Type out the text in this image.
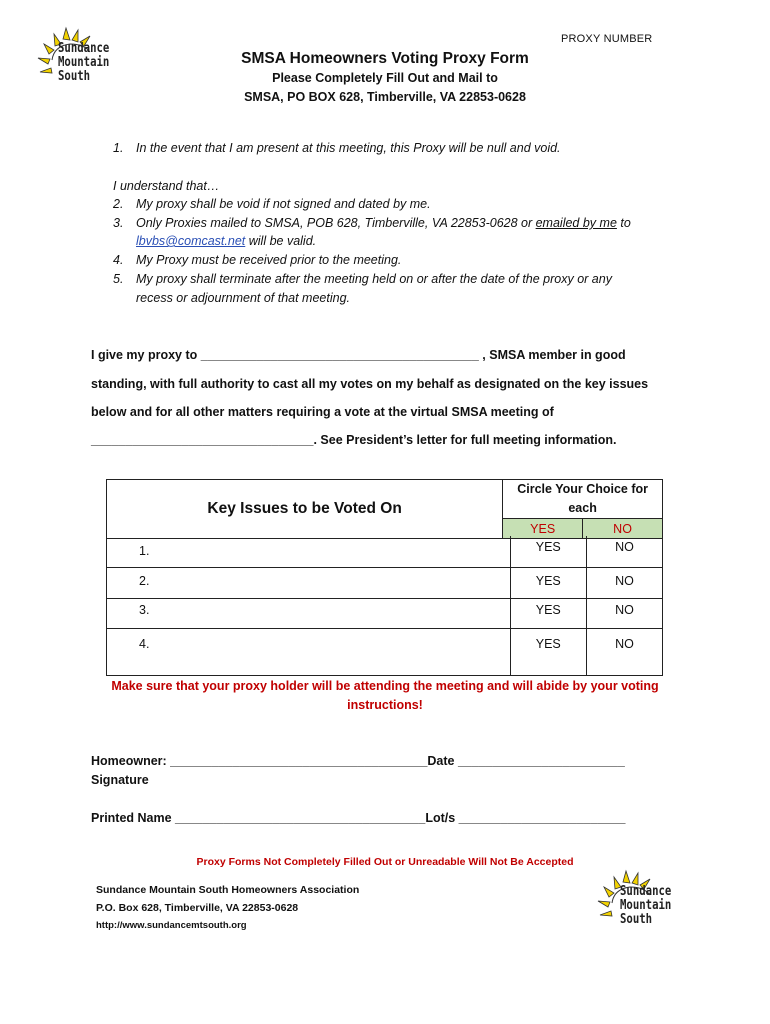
Sundance
Mountain
South
PROXY NUMBER
SMSA Homeowners Voting Proxy Form
Please Completely Fill Out and Mail to
SMSA, PO BOX 628, Timberville, VA 22853-0628
1. In the event that I am present at this meeting, this Proxy will be null and void.
I understand that…
2. My proxy shall be void if not signed and dated by me.
3. Only Proxies mailed to SMSA, POB 628, Timberville, VA 22853-0628 or emailed by me to
lbvbs@comcast.net will be valid.
4. My Proxy must be received prior to the meeting.
5. My proxy shall terminate after the meeting held on or after the date of the proxy or any
recess or adjournment of that meeting.
I give my proxy to ________________________________________ , SMSA member in good
standing, with full authority to cast all my votes on my behalf as designated on the key issues
below and for all other matters requiring a vote at the virtual SMSA meeting of
________________________________. See President’s letter for full meeting information.
Key Issues to be Voted On	Circle Your Choice for each	
	YES	NO
1.	YES	NO
2.	YES	NO
3.	YES	NO
4.	YES	NO
Make sure that your proxy holder will be attending the meeting and will abide by your voting
instructions!
Homeowner: _____________________________________Date ________________________
Signature
Printed Name ____________________________________Lot/s ________________________
Proxy Forms Not Completely Filled Out or Unreadable Will Not Be Accepted
Sundance Mountain South Homeowners Association
P.O. Box 628, Timberville, VA 22853-0628
http://www.sundancemtsouth.org
Sundance
Mountain
South
